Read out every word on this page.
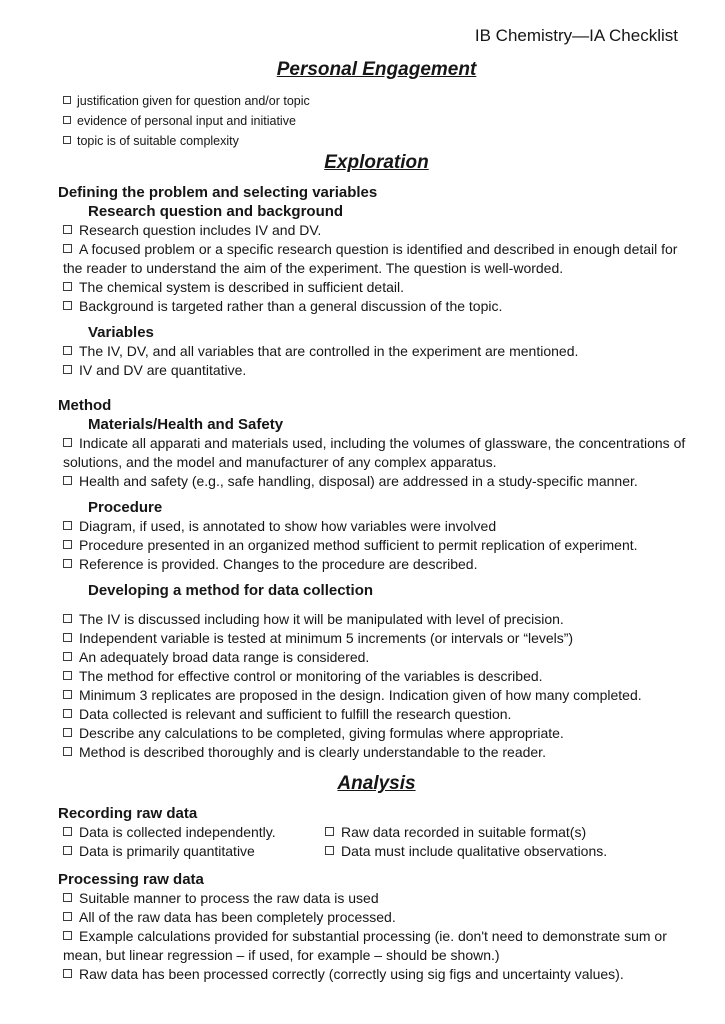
IB Chemistry—IA Checklist
Personal Engagement
justification given for question and/or topic
evidence of personal input and initiative
topic is of suitable complexity
Exploration
Defining the problem and selecting variables
Research question and background
Research question includes IV and DV.
A focused problem or a specific research question is identified and described in enough detail for the reader to understand the aim of the experiment. The question is well-worded.
The chemical system is described in sufficient detail.
Background is targeted rather than a general discussion of the topic.
Variables
The IV, DV, and all variables that are controlled in the experiment are mentioned.
IV and DV are quantitative.
Method
Materials/Health and Safety
Indicate all apparati and materials used, including the volumes of glassware, the concentrations of solutions, and the model and manufacturer of any complex apparatus.
Health and safety (e.g., safe handling, disposal) are addressed in a study-specific manner.
Procedure
Diagram, if used, is annotated to show how variables were involved
Procedure presented in an organized method sufficient to permit replication of experiment.
Reference is provided. Changes to the procedure are described.
Developing a method for data collection
The IV is discussed including how it will be manipulated with level of precision.
Independent variable is tested at minimum 5 increments (or intervals or “levels”)
An adequately broad data range is considered.
The method for effective control or monitoring of the variables is described.
Minimum 3 replicates are proposed in the design. Indication given of how many completed.
Data collected is relevant and sufficient to fulfill the research question.
Describe any calculations to be completed, giving formulas where appropriate.
Method is described thoroughly and is clearly understandable to the reader.
Analysis
Recording raw data
Data is collected independently.	Raw data recorded in suitable format(s)
Data is primarily quantitative	Data must include qualitative observations.
Processing raw data
Suitable manner to process the raw data is used
All of the raw data has been completely processed.
Example calculations provided for substantial processing (ie. don't need to demonstrate sum or mean, but linear regression – if used, for example – should be shown.)
Raw data has been processed correctly (correctly using sig figs and uncertainty values).
